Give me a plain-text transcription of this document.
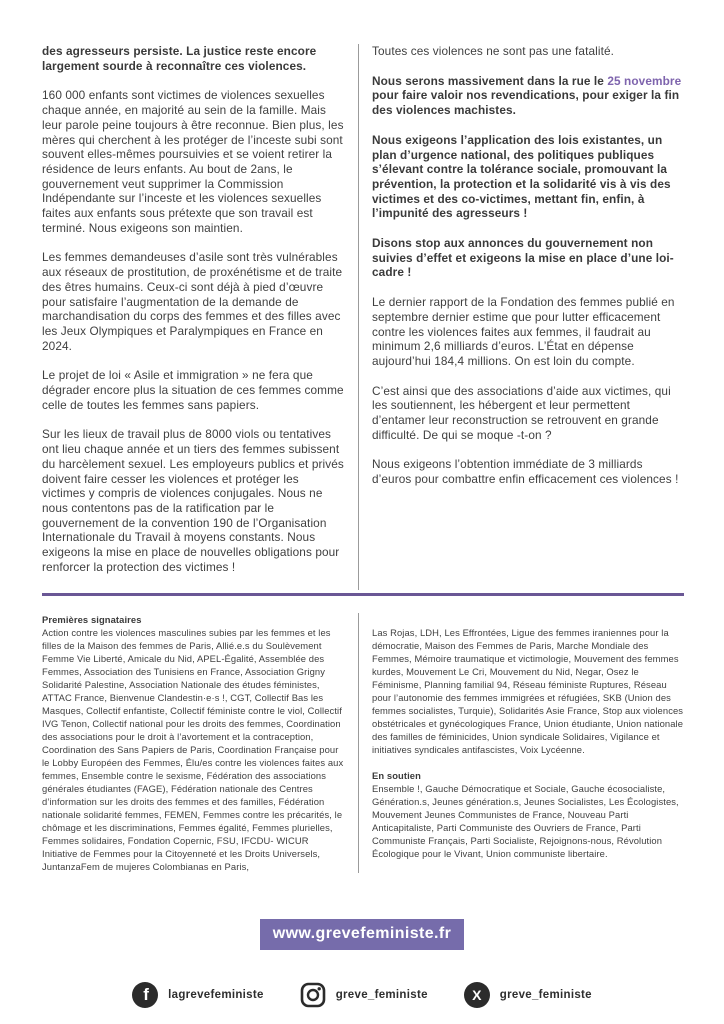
des agresseurs persiste. La justice reste encore largement sourde à reconnaître ces violences.

160 000 enfants sont victimes de violences sexuelles chaque année, en majorité au sein de la famille. Mais leur parole peine toujours à être reconnue. Bien plus, les mères qui cherchent à les protéger de l’inceste subi sont souvent elles-mêmes poursuivies et se voient retirer la résidence de leurs enfants. Au bout de 2ans, le gouvernement veut supprimer la Commission Indépendante sur l’inceste et les violences sexuelles faites aux enfants sous prétexte que son travail est terminé. Nous exigeons son maintien.

Les femmes demandeuses d’asile sont très vulnérables aux réseaux de prostitution, de proxénétisme et de traite des êtres humains. Ceux-ci sont déjà à pied d’œuvre pour satisfaire l’augmentation de la demande de marchandisation du corps des femmes et des filles avec les Jeux Olympiques et Paralympiques en France en 2024.

Le projet de loi « Asile et immigration » ne fera que dégrader encore plus la situation de ces femmes comme celle de toutes les femmes sans papiers.

Sur les lieux de travail plus de 8000 viols ou tentatives ont lieu chaque année et un tiers des femmes subissent du harcèlement sexuel. Les employeurs publics et privés doivent faire cesser les violences et protéger les victimes y compris de violences conjugales. Nous ne nous contentons pas de la ratification par le gouvernement de la convention 190 de l’Organisation Internationale du Travail à moyens constants. Nous exigeons la mise en place de nouvelles obligations pour renforcer la protection des victimes !

Toutes ces violences ne sont pas une fatalité.

Nous serons massivement dans la rue le 25 novembre pour faire valoir nos revendications, pour exiger la fin des violences machistes.

Nous exigeons l’application des lois existantes, un plan d’urgence national, des politiques publiques s’élevant contre la tolérance sociale, promouvant la prévention, la protection et la solidarité vis à vis des victimes et des co-victimes, mettant fin, enfin, à l’impunité des agresseurs !

Disons stop aux annonces du gouvernement non suivies d’effet et exigeons la mise en place d’une loi-cadre !

Le dernier rapport de la Fondation des femmes publié en septembre dernier estime que pour lutter efficacement contre les violences faites aux femmes, il faudrait au minimum 2,6 milliards d’euros. L’État en dépense aujourd’hui 184,4 millions. On est loin du compte.

C’est ainsi que des associations d’aide aux victimes, qui les soutiennent, les hébergent et leur permettent d’entamer leur reconstruction se retrouvent en grande difficulté. De qui se moque -t-on ?

Nous exigeons l’obtention immédiate de 3 milliards d’euros pour combattre enfin efficacement ces violences !

Premières signataires

Action contre les violences masculines subies par les femmes et les filles de la Maison des femmes de Paris, Allié.e.s du Soulèvement Femme Vie Liberté, Amicale du Nid, APEL-Égalité, Assemblée des Femmes, Association des Tunisiens en France, Association Grigny Solidarité Palestine, Association Nationale des études féministes, ATTAC France, Bienvenue Clandestin·e·s !, CGT, Collectif Bas les Masques, Collectif enfantiste, Collectif féministe contre le viol, Collectif IVG Tenon, Collectif national pour les droits des femmes, Coordination des associations pour le droit à l’avortement et la contraception, Coordination des Sans Papiers de Paris, Coordination Française pour le Lobby Européen des Femmes, Élu/es contre les violences faites aux femmes, Ensemble contre le sexisme, Fédération des associations générales étudiantes (FAGE), Fédération nationale des Centres d’information sur les droits des femmes et des familles, Fédération nationale solidarité femmes, FEMEN, Femmes contre les précarités, le chômage et les discriminations, Femmes égalité, Femmes plurielles, Femmes solidaires, Fondation Copernic, FSU, IFCDU- WICUR Initiative de Femmes pour la Citoyenneté et les Droits Universels, JuntanzaFem de mujeres Colombianas en Paris,

Las Rojas, LDH, Les Effrontées, Ligue des femmes iraniennes pour la démocratie, Maison des Femmes de Paris, Marche Mondiale des Femmes, Mémoire traumatique et victimologie, Mouvement des femmes kurdes, Mouvement Le Cri, Mouvement du Nid, Negar, Osez le Féminisme, Planning familial 94, Réseau féministe Ruptures, Réseau pour l’autonomie des femmes immigrées et réfugiées, SKB (Union des femmes socialistes, Turquie), Solidarités Asie France, Stop aux violences obstétricales et gynécologiques France, Union étudiante, Union nationale des familles de féminicides, Union syndicale Solidaires, Vigilance et initiatives syndicales antifascistes, Voix Lycéenne.

En soutien

Ensemble !, Gauche Démocratique et Sociale, Gauche écosocialiste, Génération.s, Jeunes génération.s, Jeunes Socialistes, Les Écologistes, Mouvement Jeunes Communistes de France, Nouveau Parti Anticapitaliste, Parti Communiste des Ouvriers de France, Parti Communiste Français, Parti Socialiste, Rejoignons-nous, Révolution Écologique pour le Vivant, Union communiste libertaire.

www.grevefeministe.fr
f lagrevefeministe	greve_feministe	X greve_feministe
